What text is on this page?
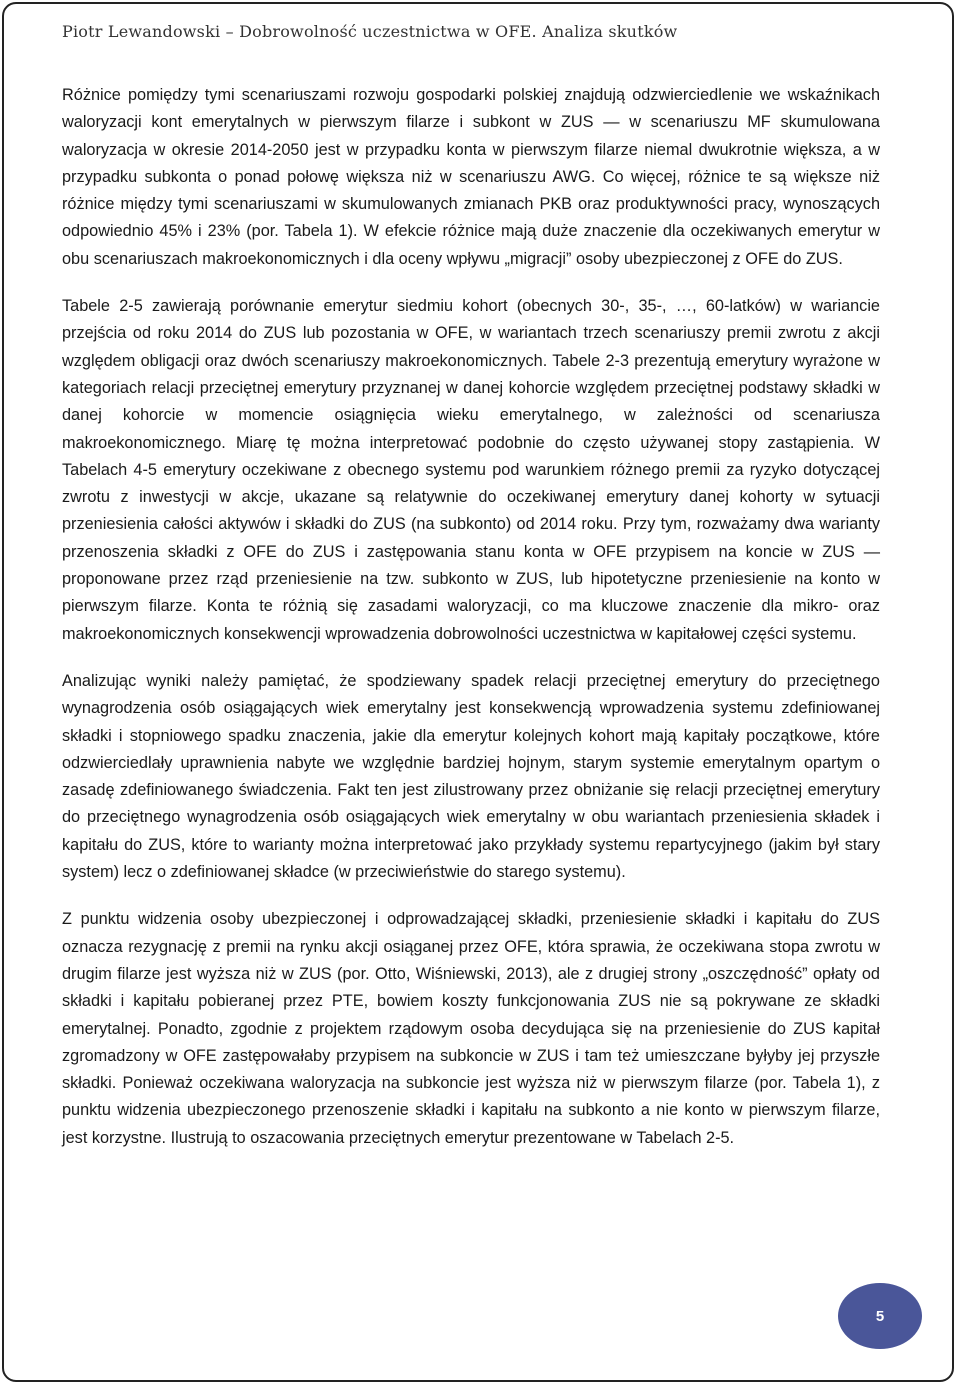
Piotr Lewandowski – Dobrowolność uczestnictwa w OFE. Analiza skutków

Różnice pomiędzy tymi scenariuszami rozwoju gospodarki polskiej znajdują odzwierciedlenie we wskaźnikach waloryzacji kont emerytalnych w pierwszym filarze i subkont w ZUS — w scenariuszu MF skumulowana waloryzacja w okresie 2014-2050 jest w przypadku konta w pierwszym filarze niemal dwukrotnie większa, a w przypadku subkonta o ponad połowę większa niż w scenariuszu AWG. Co więcej, różnice te są większe niż różnice między tymi scenariuszami w skumulowanych zmianach PKB oraz produktywności pracy, wynoszących odpowiednio 45% i 23% (por. Tabela 1). W efekcie różnice mają duże znaczenie dla oczekiwanych emerytur w obu scenariuszach makroekonomicznych i dla oceny wpływu „migracji” osoby ubezpieczonej z OFE do ZUS.

Tabele 2-5 zawierają porównanie emerytur siedmiu kohort (obecnych 30-, 35-, …, 60-latków) w wariancie przejścia od roku 2014 do ZUS lub pozostania w OFE, w wariantach trzech scenariuszy premii zwrotu z akcji względem obligacji oraz dwóch scenariuszy makroekonomicznych. Tabele 2-3 prezentują emerytury wyrażone w kategoriach relacji przeciętnej emerytury przyznanej w danej kohorcie względem przeciętnej podstawy składki w danej kohorcie w momencie osiągnięcia wieku emerytalnego, w zależności od scenariusza makroekonomicznego. Miarę tę można interpretować podobnie do często używanej stopy zastąpienia. W Tabelach 4-5 emerytury oczekiwane z obecnego systemu pod warunkiem różnego premii za ryzyko dotyczącej zwrotu z inwestycji w akcje, ukazane są relatywnie do oczekiwanej emerytury danej kohorty w sytuacji przeniesienia całości aktywów i składki do ZUS (na subkonto) od 2014 roku. Przy tym, rozważamy dwa warianty przenoszenia składki z OFE do ZUS i zastępowania stanu konta w OFE przypisem na koncie w ZUS — proponowane przez rząd przeniesienie na tzw. subkonto w ZUS, lub hipotetyczne przeniesienie na konto w pierwszym filarze. Konta te różnią się zasadami waloryzacji, co ma kluczowe znaczenie dla mikro- oraz makroekonomicznych konsekwencji wprowadzenia dobrowolności uczestnictwa w kapitałowej części systemu.

Analizując wyniki należy pamiętać, że spodziewany spadek relacji przeciętnej emerytury do przeciętnego wynagrodzenia osób osiągających wiek emerytalny jest konsekwencją wprowadzenia systemu zdefiniowanej składki i stopniowego spadku znaczenia, jakie dla emerytur kolejnych kohort mają kapitały początkowe, które odzwierciedlały uprawnienia nabyte we względnie bardziej hojnym, starym systemie emerytalnym opartym o zasadę zdefiniowanego świadczenia. Fakt ten jest zilustrowany przez obniżanie się relacji przeciętnej emerytury do przeciętnego wynagrodzenia osób osiągających wiek emerytalny w obu wariantach przeniesienia składek i kapitału do ZUS, które to warianty można interpretować jako przykłady systemu repartycyjnego (jakim był stary system) lecz o zdefiniowanej składce (w przeciwieństwie do starego systemu).

Z punktu widzenia osoby ubezpieczonej i odprowadzającej składki, przeniesienie składki i kapitału do ZUS oznacza rezygnację z premii na rynku akcji osiąganej przez OFE, która sprawia, że oczekiwana stopa zwrotu w drugim filarze jest wyższa niż w ZUS (por. Otto, Wiśniewski, 2013), ale z drugiej strony „oszczędność” opłaty od składki i kapitału pobieranej przez PTE, bowiem koszty funkcjonowania ZUS nie są pokrywane ze składki emerytalnej. Ponadto, zgodnie z projektem rządowym osoba decydująca się na przeniesienie do ZUS kapitał zgromadzony w OFE zastępowałaby przypisem na subkoncie w ZUS i tam też umieszczane byłyby jej przyszłe składki. Ponieważ oczekiwana waloryzacja na subkoncie jest wyższa niż w pierwszym filarze (por. Tabela 1), z punktu widzenia ubezpieczonego przenoszenie składki i kapitału na subkonto a nie konto w pierwszym filarze, jest korzystne. Ilustrują to oszacowania przeciętnych emerytur prezentowane w Tabelach 2-5.

5
